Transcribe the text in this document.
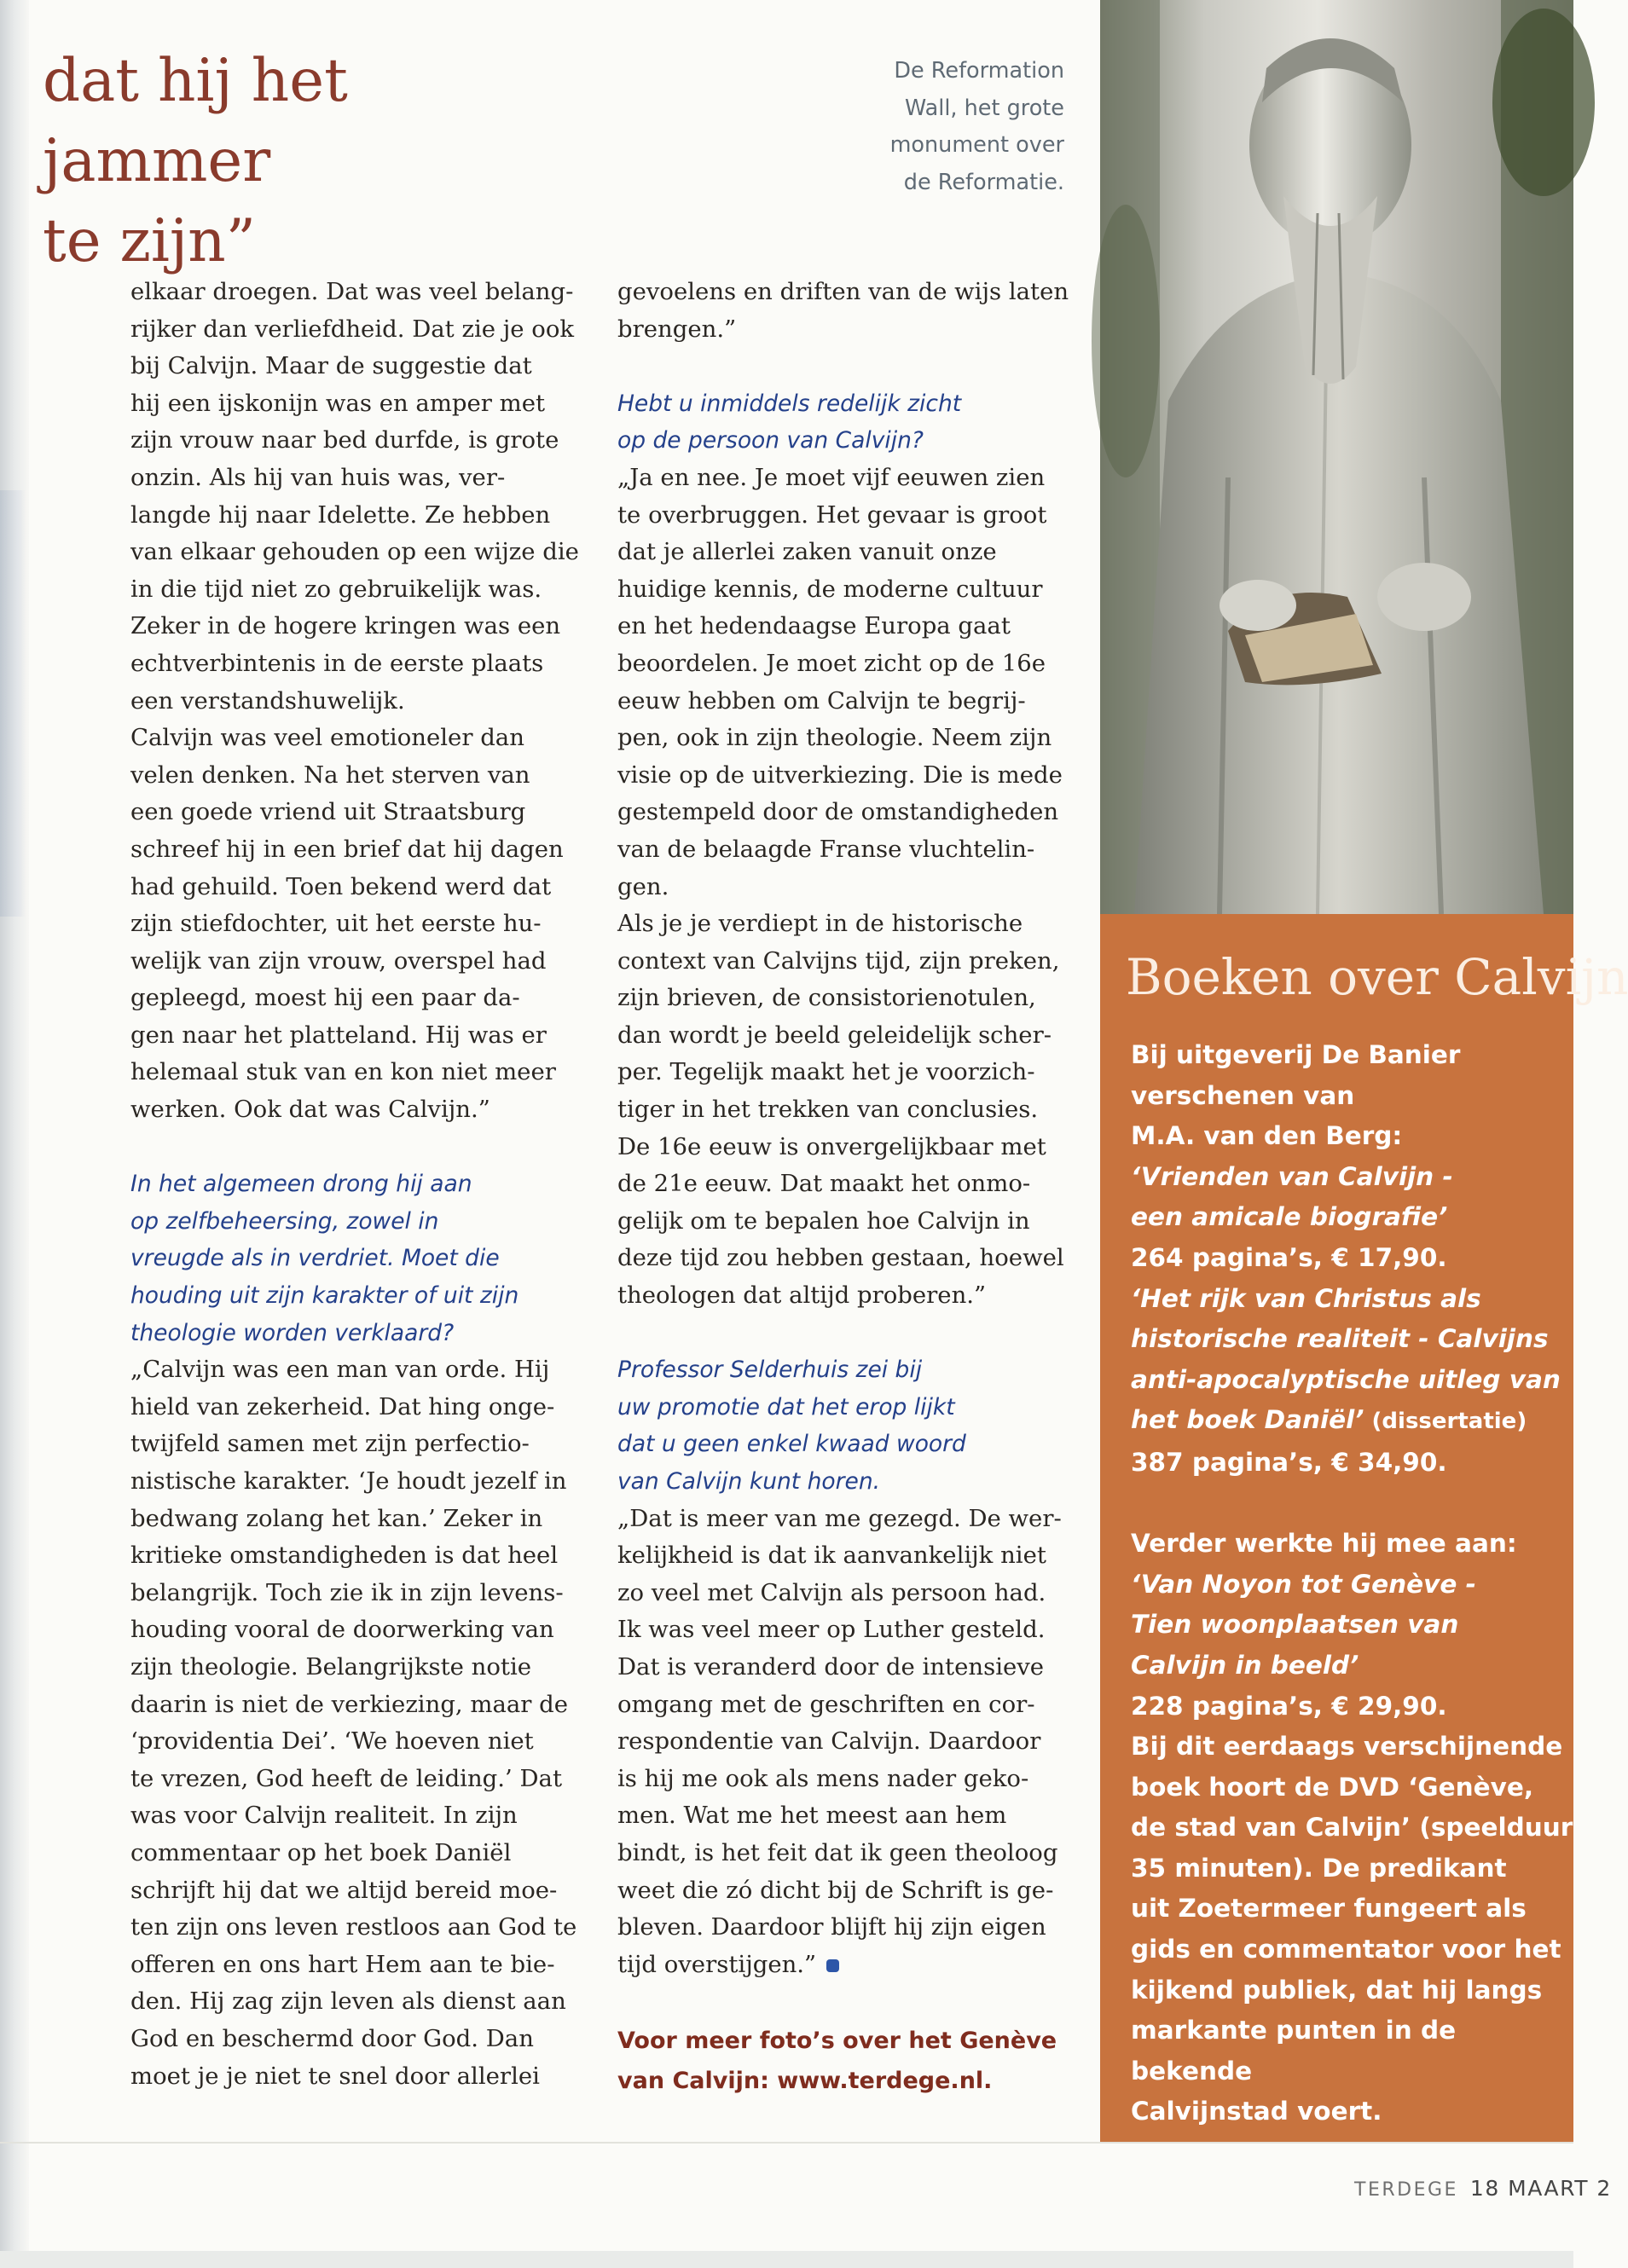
dat hij het jammer
te zijn”
De Reformation
Wall, het grote
monument over
de Reformatie.

elkaar droegen. Dat was veel belang-
rijker dan verliefdheid. Dat zie je ook
bij Calvijn. Maar de suggestie dat
hij een ijskonijn was en amper met
zijn vrouw naar bed durfde, is grote
onzin. Als hij van huis was, ver-
langde hij naar Idelette. Ze hebben
van elkaar gehouden op een wijze die
in die tijd niet zo gebruikelijk was.
Zeker in de hogere kringen was een
echtverbintenis in de eerste plaats
een verstandshuwelijk.

Calvijn was veel emotioneler dan
velen denken. Na het sterven van
een goede vriend uit Straatsburg
schreef hij in een brief dat hij dagen
had gehuild. Toen bekend werd dat
zijn stiefdochter, uit het eerste hu-
welijk van zijn vrouw, overspel had
gepleegd, moest hij een paar da-
gen naar het platteland. Hij was er
helemaal stuk van en kon niet meer
werken. Ook dat was Calvijn.”

In het algemeen drong hij aan
op zelfbeheersing, zowel in
vreugde als in verdriet. Moet die
houding uit zijn karakter of uit zijn
theologie worden verklaard?

„Calvijn was een man van orde. Hij
hield van zekerheid. Dat hing onge-
twijfeld samen met zijn perfectio-
nistische karakter. ‘Je houdt jezelf in
bedwang zolang het kan.’ Zeker in
kritieke omstandigheden is dat heel
belangrijk. Toch zie ik in zijn levens-
houding vooral de doorwerking van
zijn theologie. Belangrijkste notie
daarin is niet de verkiezing, maar de
‘providentia Dei’. ‘We hoeven niet
te vrezen, God heeft de leiding.’ Dat
was voor Calvijn realiteit. In zijn
commentaar op het boek Daniël
schrijft hij dat we altijd bereid moe-
ten zijn ons leven restloos aan God te
offeren en ons hart Hem aan te bie-
den. Hij zag zijn leven als dienst aan
God en beschermd door God. Dan
moet je je niet te snel door allerlei

gevoelens en driften van de wijs laten
brengen.”

Hebt u inmiddels redelijk zicht
op de persoon van Calvijn?

„Ja en nee. Je moet vijf eeuwen zien
te overbruggen. Het gevaar is groot
dat je allerlei zaken vanuit onze
huidige kennis, de moderne cultuur
en het hedendaagse Europa gaat
beoordelen. Je moet zicht op de 16e
eeuw hebben om Calvijn te begrij-
pen, ook in zijn theologie. Neem zijn
visie op de uitverkiezing. Die is mede
gestempeld door de omstandigheden
van de belaagde Franse vluchtelin-
gen.

Als je je verdiept in de historische
context van Calvijns tijd, zijn preken,
zijn brieven, de consistorienotulen,
dan wordt je beeld geleidelijk scher-
per. Tegelijk maakt het je voorzich-
tiger in het trekken van conclusies.
De 16e eeuw is onvergelijkbaar met
de 21e eeuw. Dat maakt het onmo-
gelijk om te bepalen hoe Calvijn in
deze tijd zou hebben gestaan, hoewel
theologen dat altijd proberen.”

Professor Selderhuis zei bij
uw promotie dat het erop lijkt
dat u geen enkel kwaad woord
van Calvijn kunt horen.

„Dat is meer van me gezegd. De wer-
kelijkheid is dat ik aanvankelijk niet
zo veel met Calvijn als persoon had.
Ik was veel meer op Luther gesteld.
Dat is veranderd door de intensieve
omgang met de geschriften en cor-
respondentie van Calvijn. Daardoor
is hij me ook als mens nader geko-
men. Wat me het meest aan hem
bindt, is het feit dat ik geen theoloog
weet die zó dicht bij de Schrift is ge-
bleven. Daardoor blijft hij zijn eigen
tijd overstijgen.”

Voor meer foto’s over het Genève
van Calvijn: www.terdege.nl.

Boeken over Calvijn

Bij uitgeverij De Banier
verschenen van
M.A. van den Berg:

‘Vrienden van Calvijn -
een amicale biografie’

264 pagina’s, € 17,90.

‘Het rijk van Christus als
historische realiteit - Calvijns
anti-apocalyptische uitleg van
het boek Daniël’ (dissertatie)

387 pagina’s, € 34,90.

Verder werkte hij mee aan:

‘Van Noyon tot Genève -
Tien woonplaatsen van
Calvijn in beeld’

228 pagina’s, € 29,90.

Bij dit eerdaags verschijnende
boek hoort de DVD ‘Genève,
de stad van Calvijn’ (speelduur
35 minuten). De predikant
uit Zoetermeer fungeert als
gids en commentator voor het
kijkend publiek, dat hij langs
markante punten in de bekende
Calvijnstad voert.

TERDEGE 18 MAART 2
